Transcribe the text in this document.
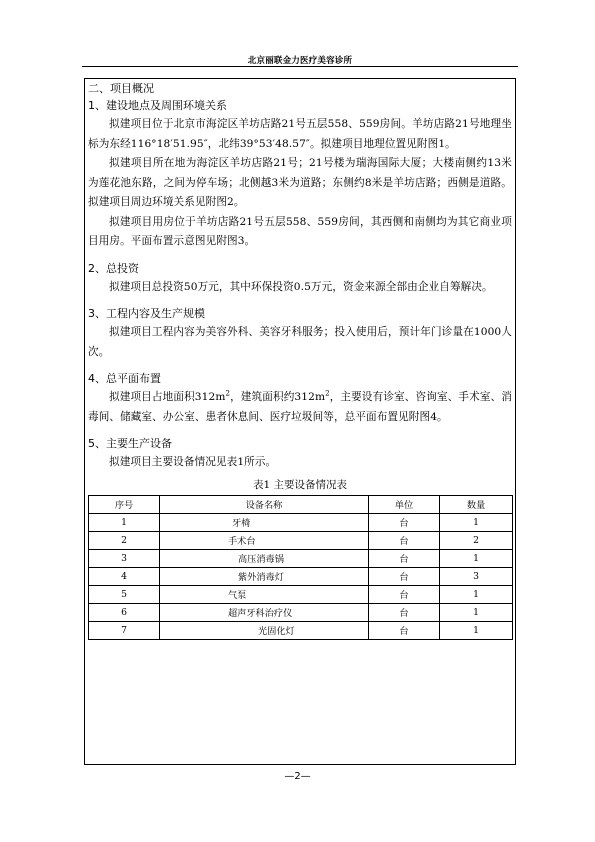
北京丽联金力医疗美容诊所

二、项目概况

1、建设地点及周围环境关系

拟建项目位于北京市海淀区羊坊店路21号五层558、559房间。羊坊店路21号地理坐标为东经116°18′51.95″，北纬39°53′48.57″。拟建项目地理位置见附图1。

拟建项目所在地为海淀区羊坊店路21号；21号楼为瑞海国际大厦；大楼南侧约13米为莲花池东路，之间为停车场；北侧越3米为道路；东侧约8米是羊坊店路；西侧是道路。拟建项目周边环境关系见附图2。

拟建项目用房位于羊坊店路21号五层558、559房间，其西侧和南侧均为其它商业项目用房。平面布置示意图见附图3。

2、总投资

拟建项目总投资50万元，其中环保投资0.5万元，资金来源全部由企业自筹解决。

3、工程内容及生产规模

拟建项目工程内容为美容外科、美容牙科服务；投入使用后，预计年门诊量在1000人次。

4、总平面布置

拟建项目占地面积$312m^2$，建筑面积约$312m^2$，主要设有诊室、咨询室、手术室、消毒间、储藏室、办公室、患者休息间、医疗垃圾间等，总平面布置见附图4。

5、主要生产设备

拟建项目主要设备情况见表1所示。

表1 主要设备情况表
序号	设备名称	单位	数量
1	牙椅	台	1
2	手术台	台	2
3	高压消毒锅	台	1
4	紫外消毒灯	台	3
5	气泵	台	1
6	超声牙科治疗仪	台	1
7	光固化灯	台	1
—2—
